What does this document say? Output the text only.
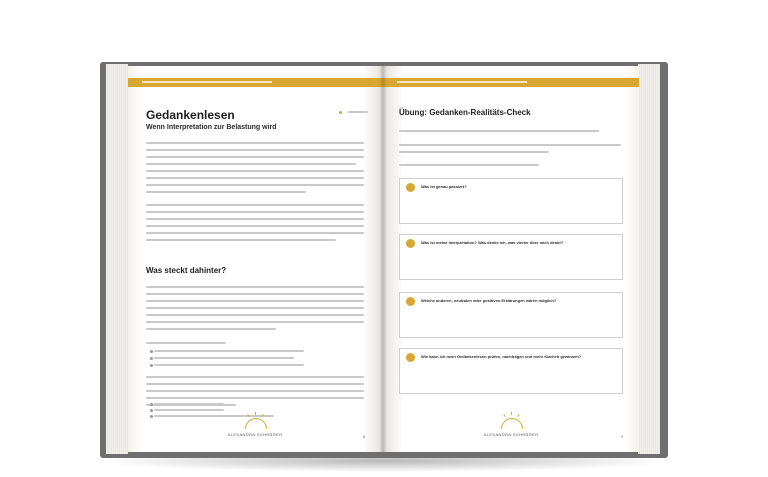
Gedankenlesen
Wenn Interpretation zur Belastung wird
Was steckt dahinter?
ALEXANDRA SCHRÄDER	8
Übung: Gedanken-Realitäts-Check
Was ist genau passiert?
Was ist meine Interpretation? Was denke ich, was vierter über mich denkt?
Welche anderen, neutralen oder positiven Erklärungen wären möglich?
Wie kann ich mein Gedankenlesen prüfen, nachfragen und mehr Klarheit gewinnen?
ALEXANDRA SCHRÄDER	9
